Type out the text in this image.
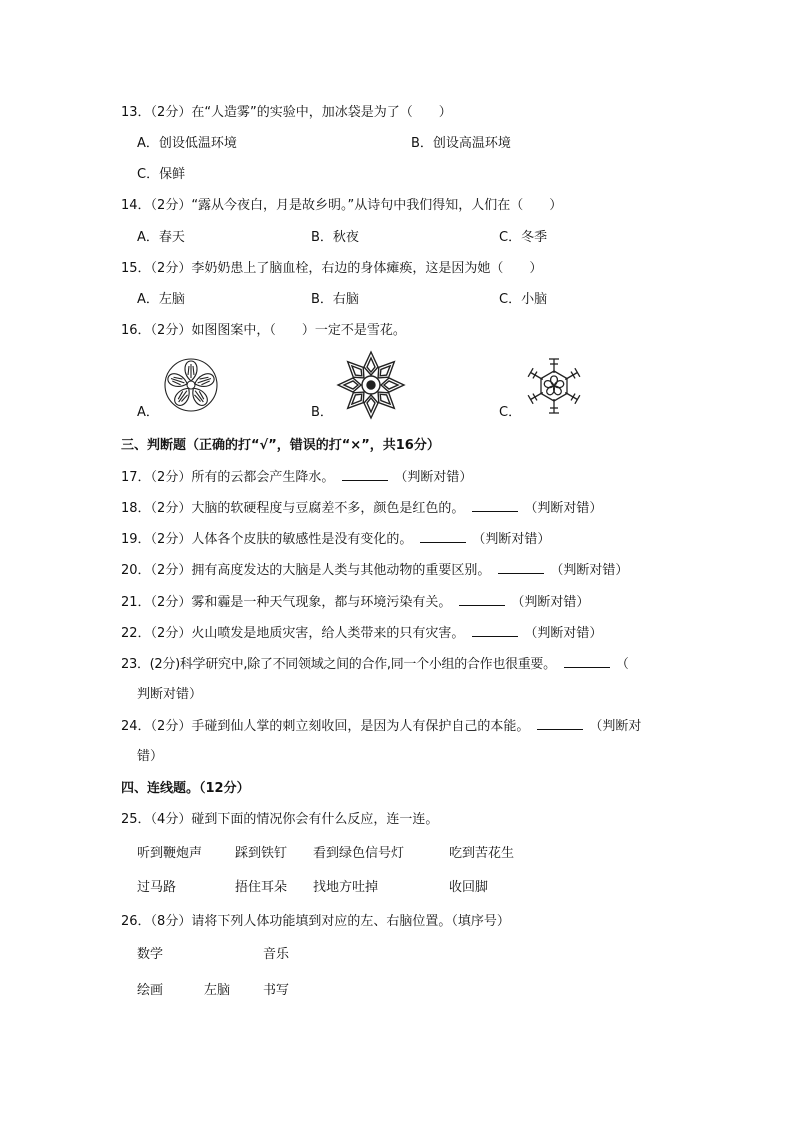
13．（2分）在“人造雾”的实验中，加冰袋是为了（　　）
A．创设低温环境	B．创设高温环境
C．保鲜
14．（2分）“露从今夜白，月是故乡明。”从诗句中我们得知，人们在（　　）
A．春天	B．秋夜	C．冬季
15．（2分）李奶奶患上了脑血栓，右边的身体瘫痪，这是因为她（　　）
A．左脑	B．右脑	C．小脑
16．（2分）如图图案中，（　　）一定不是雪花。
A．	B．	C．
三、判断题（正确的打“√”，错误的打“×”，共16分）
17．（2分）所有的云都会产生降水。	（判断对错）
18．（2分）大脑的软硬程度与豆腐差不多，颜色是红色的。	（判断对错）
19．（2分）人体各个皮肤的敏感性是没有变化的。	（判断对错）
20．（2分）拥有高度发达的大脑是人类与其他动物的重要区别。	（判断对错）
21．（2分）雾和霾是一种天气现象，都与环境污染有关。	（判断对错）
22．（2分）火山喷发是地质灾害，给人类带来的只有灾害。	（判断对错）
23．(2分)科学研究中,除了不同领域之间的合作,同一个小组的合作也很重要。	（
判断对错）
24．（2分）手碰到仙人掌的刺立刻收回，是因为人有保护自己的本能。	（判断对
错）
四、连线题。（12分）
25．（4分）碰到下面的情况你会有什么反应，连一连。
听到鞭炮声	踩到铁钉 看到绿色信号灯	吃到苦花生
过马路	捂住耳朵 找地方吐掉	收回脚
26．（8分）请将下列人体功能填到对应的左、右脑位置。（填序号）
数学	音乐
绘画	左脑	书写
